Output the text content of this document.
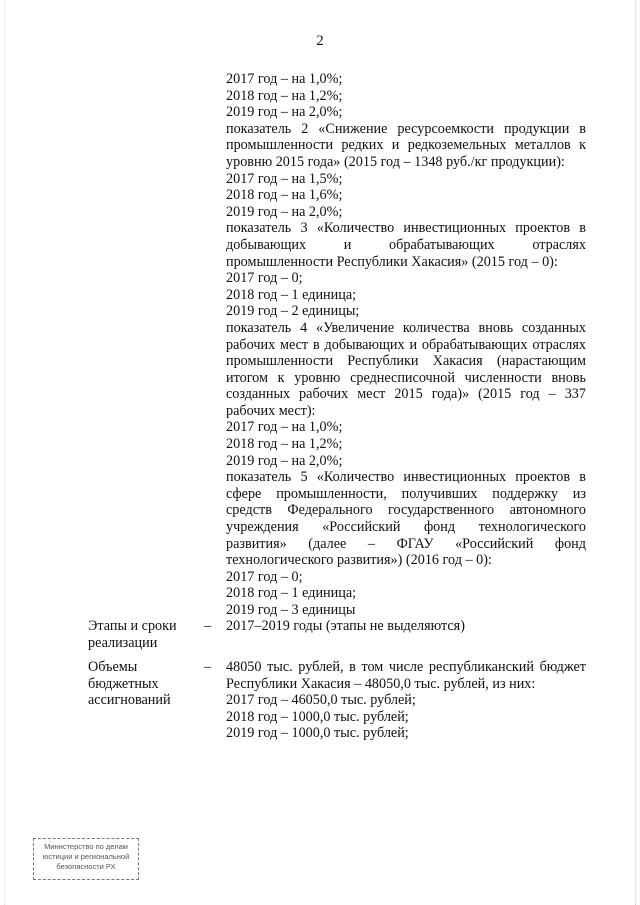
2
2017 год – на 1,0%;
2018 год – на 1,2%;
2019 год – на 2,0%;
показатель 2 «Снижение ресурсоемкости продукции в промышленности редких и редкоземельных металлов к уровню 2015 года» (2015 год – 1348 руб./кг продукции):
2017 год – на 1,5%;
2018 год – на 1,6%;
2019 год – на 2,0%;
показатель 3 «Количество инвестиционных проектов в добывающих и обрабатывающих отраслях промышленности Республики Хакасия» (2015 год – 0):
2017 год – 0;
2018 год – 1 единица;
2019 год – 2 единицы;
показатель 4 «Увеличение количества вновь созданных рабочих мест в добывающих и обрабатывающих отраслях промышленности Республики Хакасия (нарастающим итогом к уровню среднесписочной численности вновь созданных рабочих мест 2015 года)» (2015 год – 337 рабочих мест):
2017 год – на 1,0%;
2018 год – на 1,2%;
2019 год – на 2,0%;
показатель 5 «Количество инвестиционных проектов в сфере промышленности, получивших поддержку из средств Федерального государственного автономного учреждения «Российский фонд технологического развития» (далее – ФГАУ «Российский фонд технологического развития») (2016 год – 0):
2017 год – 0;
2018 год – 1 единица;
2019 год – 3 единицы
Этапы и сроки реализации
– 2017–2019 годы (этапы не выделяются)
Объемы бюджетных ассигнований
– 48050 тыс. рублей, в том числе республиканский бюджет Республики Хакасия – 48050,0 тыс. рублей, из них:
2017 год – 46050,0 тыс. рублей;
2018 год – 1000,0 тыс. рублей;
2019 год – 1000,0 тыс. рублей;
Министерство по делам
юстиции и региональной
безопасности РХ
